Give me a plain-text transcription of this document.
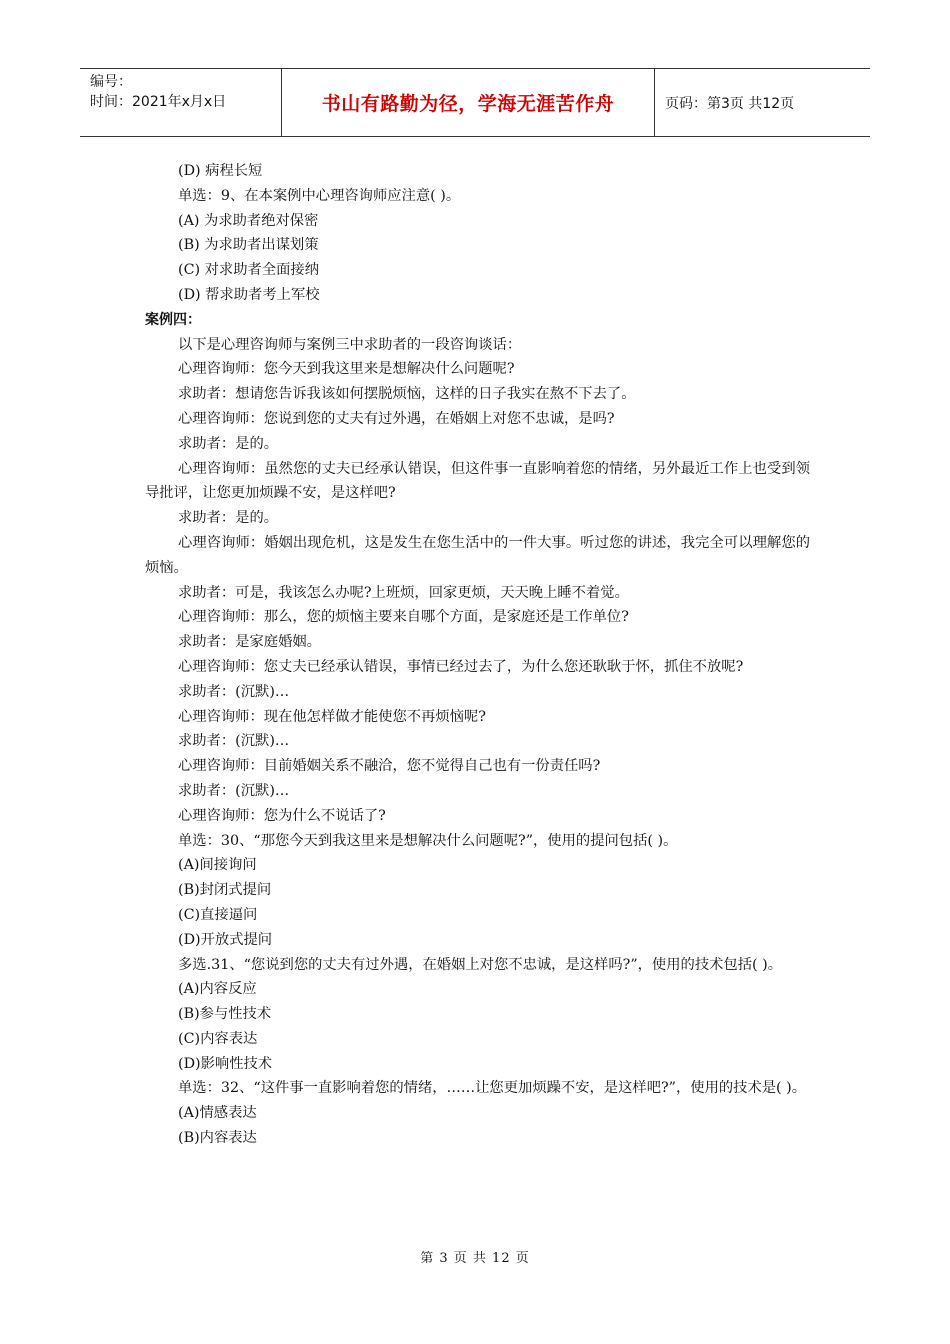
编号：
时间：2021年x月x日	书山有路勤为径，学海无涯苦作舟	页码：第3页 共12页

(D) 病程长短

单选：9、在本案例中心理咨询师应注意( )。

(A) 为求助者绝对保密

(B) 为求助者出谋划策

(C) 对求助者全面接纳

(D) 帮求助者考上军校

案例四：

以下是心理咨询师与案例三中求助者的一段咨询谈话：

心理咨询师：您今天到我这里来是想解决什么问题呢?

求助者：想请您告诉我该如何摆脱烦恼，这样的日子我实在熬不下去了。

心理咨询师：您说到您的丈夫有过外遇，在婚姻上对您不忠诚，是吗?

求助者：是的。

心理咨询师：虽然您的丈夫已经承认错误，但这件事一直影响着您的情绪，另外最近工作上也受到领导批评，让您更加烦躁不安，是这样吧?

求助者：是的。

心理咨询师：婚姻出现危机，这是发生在您生活中的一件大事。听过您的讲述，我完全可以理解您的烦恼。

求助者：可是，我该怎么办呢?上班烦，回家更烦，天天晚上睡不着觉。

心理咨询师：那么，您的烦恼主要来自哪个方面，是家庭还是工作单位?

求助者：是家庭婚姻。

心理咨询师：您丈夫已经承认错误，事情已经过去了，为什么您还耿耿于怀，抓住不放呢?

求助者：(沉默)…

心理咨询师：现在他怎样做才能使您不再烦恼呢?

求助者：(沉默)…

心理咨询师：目前婚姻关系不融洽，您不觉得自己也有一份责任吗?

求助者：(沉默)…

心理咨询师：您为什么不说话了?

单选：30、“那您今天到我这里来是想解决什么问题呢?”，使用的提问包括( )。

(A)间接询问

(B)封闭式提问

(C)直接逼问

(D)开放式提问

多选.31、“您说到您的丈夫有过外遇，在婚姻上对您不忠诚，是这样吗?”，使用的技术包括( )。

(A)内容反应

(B)参与性技术

(C)内容表达

(D)影响性技术

单选：32、“这件事一直影响着您的情绪，……让您更加烦躁不安，是这样吧?”，使用的技术是( )。

(A)情感表达

(B)内容表达

第 3 页 共 12 页
